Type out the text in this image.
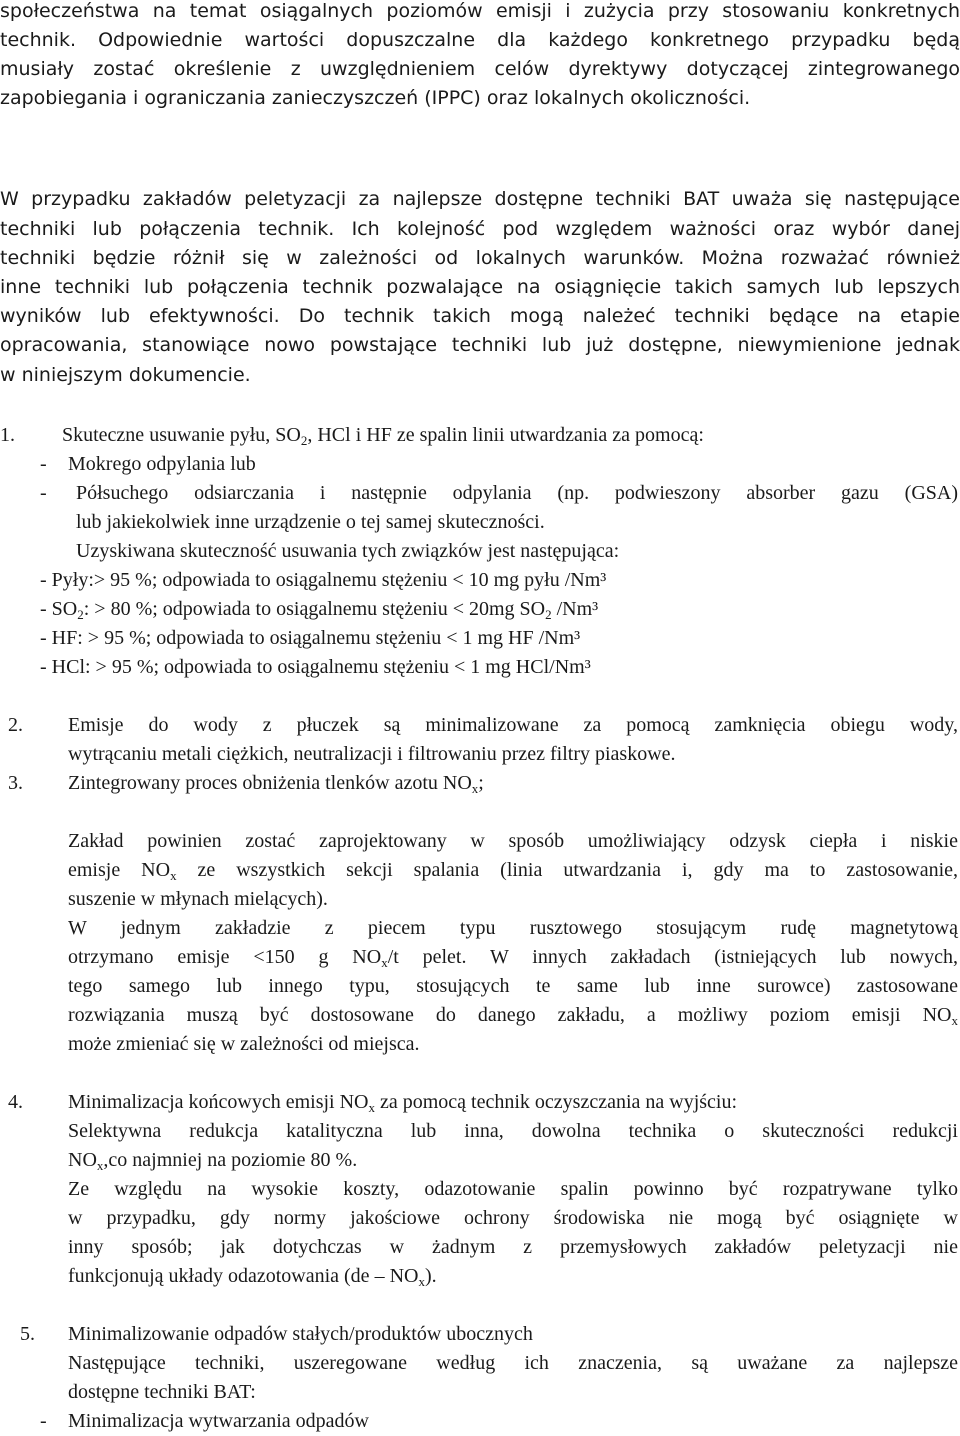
społeczeństwa na temat osiągalnych poziomów emisji i zużycia przy stosowaniu konkretnych
technik. Odpowiednie wartości dopuszczalne dla każdego konkretnego przypadku będą
musiały zostać określenie z uwzględnieniem celów dyrektywy dotyczącej zintegrowanego
zapobiegania i ograniczania zanieczyszczeń (IPPC) oraz lokalnych okoliczności.
W przypadku zakładów peletyzacji za najlepsze dostępne techniki BAT uważa się następujące
techniki lub połączenia technik. Ich kolejność pod względem ważności oraz wybór danej
techniki będzie różnił się w zależności od lokalnych warunków. Można rozważać również
inne techniki lub połączenia technik pozwalające na osiągnięcie takich samych lub lepszych
wyników lub efektywności. Do technik takich mogą należeć techniki będące na etapie
opracowania, stanowiące nowo powstające techniki lub już dostępne, niewymienione jednak
w niniejszym dokumencie.
1. Skuteczne usuwanie pyłu, $SO_2$, HCl i HF ze spalin linii utwardzania za pomocą:
- Mokrego odpylania lub
- Półsuchego odsiarczania i następnie odpylania (np. podwieszony absorber gazu (GSA)
lub jakiekolwiek inne urządzenie o tej samej skuteczności.
Uzyskiwana skuteczność usuwania tych związków jest następująca:
- Pyły:> 95 %; odpowiada to osiągalnemu stężeniu < 10 mg pyłu /Nm³
- $SO_2$: > 80 %; odpowiada to osiągalnemu stężeniu < 20mg $SO_2$ /Nm³
- HF: > 95 %; odpowiada to osiągalnemu stężeniu < 1 mg HF /Nm³
- HCl: > 95 %; odpowiada to osiągalnemu stężeniu < 1 mg HCl/Nm³
2. Emisje do wody z płuczek są minimalizowane za pomocą zamknięcia obiegu wody,
wytrącaniu metali ciężkich, neutralizacji i filtrowaniu przez filtry piaskowe.
3. Zintegrowany proces obniżenia tlenków azotu $NO_x$;
Zakład powinien zostać zaprojektowany w sposób umożliwiający odzysk ciepła i niskie
emisje $NO_x$ ze wszystkich sekcji spalania (linia utwardzania i, gdy ma to zastosowanie,
suszenie w młynach mielących).
W jednym zakładzie z piecem typu rusztowego stosującym rudę magnetytową
otrzymano emisje <150 g $NO_x/t$ pelet. W innych zakładach (istniejących lub nowych,
tego samego lub innego typu, stosujących te same lub inne surowce) zastosowane
rozwiązania muszą być dostosowane do danego zakładu, a możliwy poziom emisji $NO_x$
może zmieniać się w zależności od miejsca.
4. Minimalizacja końcowych emisji $NO_x$ za pomocą technik oczyszczania na wyjściu:
Selektywna redukcja katalityczna lub inna, dowolna technika o skuteczności redukcji
$NO_x,co$ najmniej na poziomie 80 %.
Ze względu na wysokie koszty, odazotowanie spalin powinno być rozpatrywane tylko
w przypadku, gdy normy jakościowe ochrony środowiska nie mogą być osiągnięte w
inny sposób; jak dotychczas w żadnym z przemysłowych zakładów peletyzacji nie
funkcjonują układy odazotowania $(de - NO_x)$.
5. Minimalizowanie odpadów stałych/produktów ubocznych
Następujące techniki, uszeregowane według ich znaczenia, są uważane za najlepsze
dostępne techniki BAT:
- Minimalizacja wytwarzania odpadów
